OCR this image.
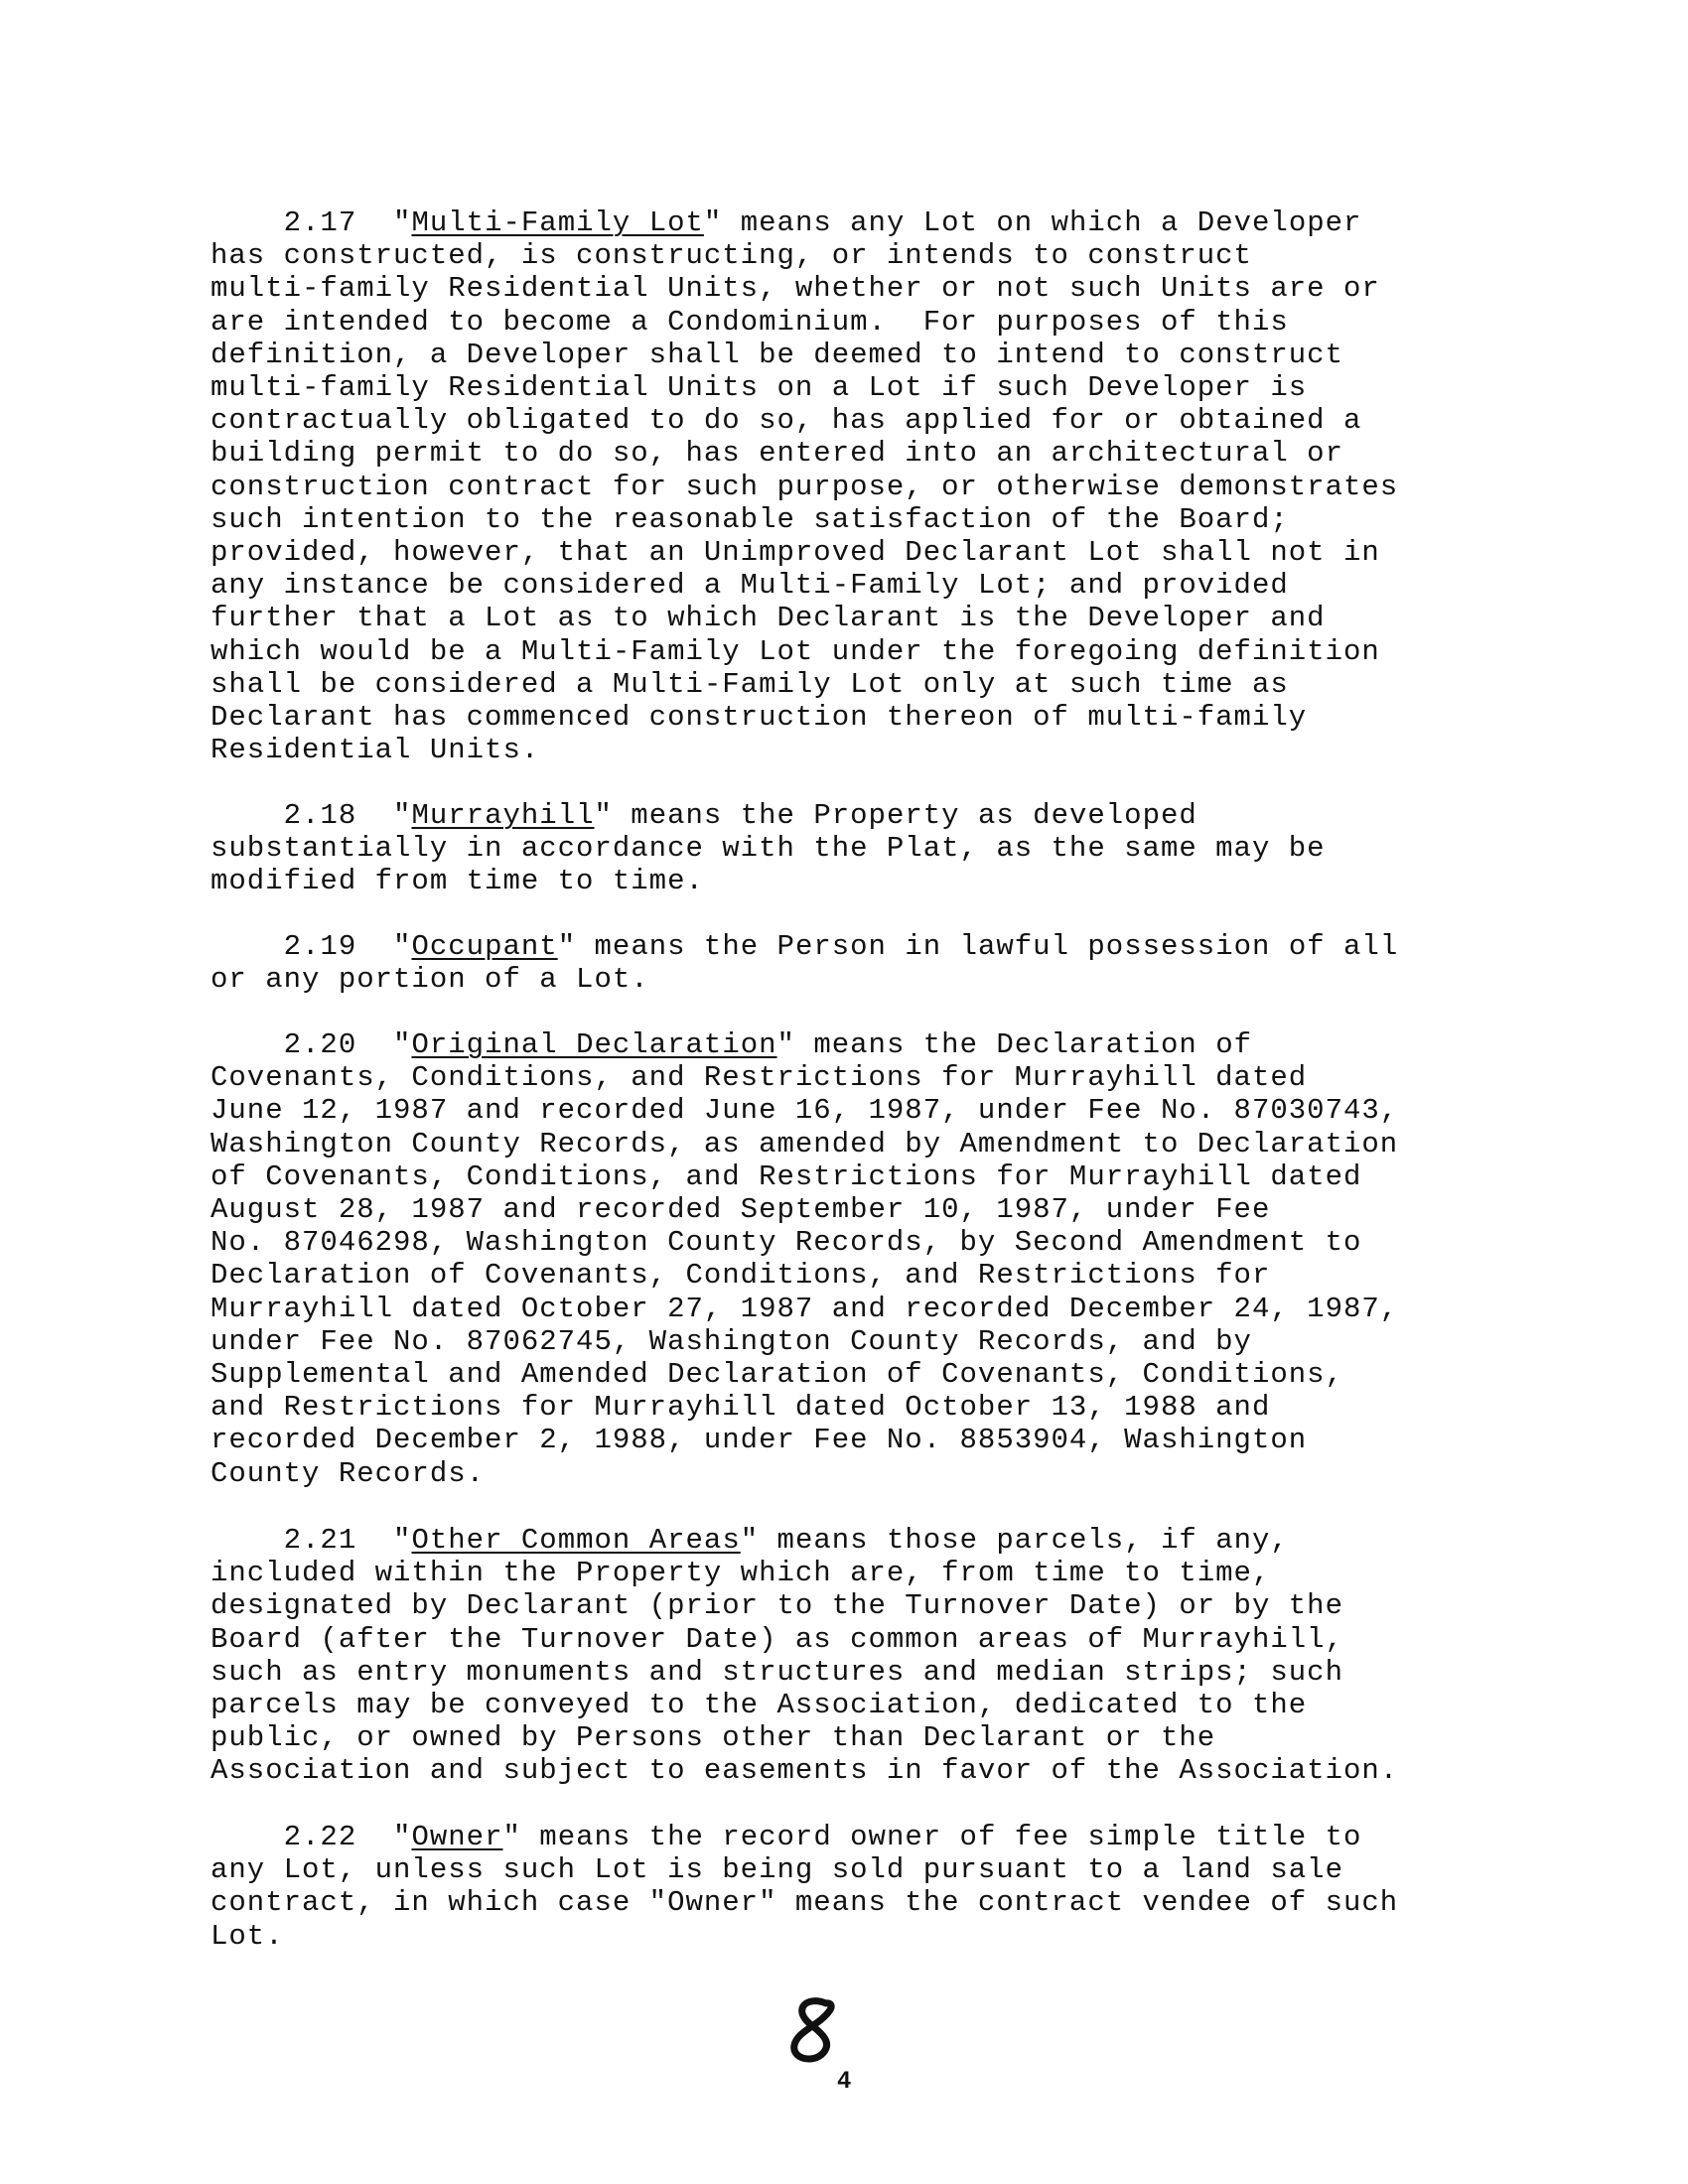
2.17  "Multi-Family Lot" means any Lot on which a Developer
has constructed, is constructing, or intends to construct
multi-family Residential Units, whether or not such Units are or
are intended to become a Condominium.  For purposes of this
definition, a Developer shall be deemed to intend to construct
multi-family Residential Units on a Lot if such Developer is
contractually obligated to do so, has applied for or obtained a
building permit to do so, has entered into an architectural or
construction contract for such purpose, or otherwise demonstrates
such intention to the reasonable satisfaction of the Board;
provided, however, that an Unimproved Declarant Lot shall not in
any instance be considered a Multi-Family Lot; and provided
further that a Lot as to which Declarant is the Developer and
which would be a Multi-Family Lot under the foregoing definition
shall be considered a Multi-Family Lot only at such time as
Declarant has commenced construction thereon of multi-family
Residential Units.

2.18  "Murrayhill" means the Property as developed
substantially in accordance with the Plat, as the same may be
modified from time to time.

2.19  "Occupant" means the Person in lawful possession of all
or any portion of a Lot.

2.20  "Original Declaration" means the Declaration of
Covenants, Conditions, and Restrictions for Murrayhill dated
June 12, 1987 and recorded June 16, 1987, under Fee No. 87030743,
Washington County Records, as amended by Amendment to Declaration
of Covenants, Conditions, and Restrictions for Murrayhill dated
August 28, 1987 and recorded September 10, 1987, under Fee
No. 87046298, Washington County Records, by Second Amendment to
Declaration of Covenants, Conditions, and Restrictions for
Murrayhill dated October 27, 1987 and recorded December 24, 1987,
under Fee No. 87062745, Washington County Records, and by
Supplemental and Amended Declaration of Covenants, Conditions,
and Restrictions for Murrayhill dated October 13, 1988 and
recorded December 2, 1988, under Fee No. 8853904, Washington
County Records.

2.21  "Other Common Areas" means those parcels, if any,
included within the Property which are, from time to time,
designated by Declarant (prior to the Turnover Date) or by the
Board (after the Turnover Date) as common areas of Murrayhill,
such as entry monuments and structures and median strips; such
parcels may be conveyed to the Association, dedicated to the
public, or owned by Persons other than Declarant or the
Association and subject to easements in favor of the Association.

2.22  "Owner" means the record owner of fee simple title to
any Lot, unless such Lot is being sold pursuant to a land sale
contract, in which case "Owner" means the contract vendee of such
Lot.

4
